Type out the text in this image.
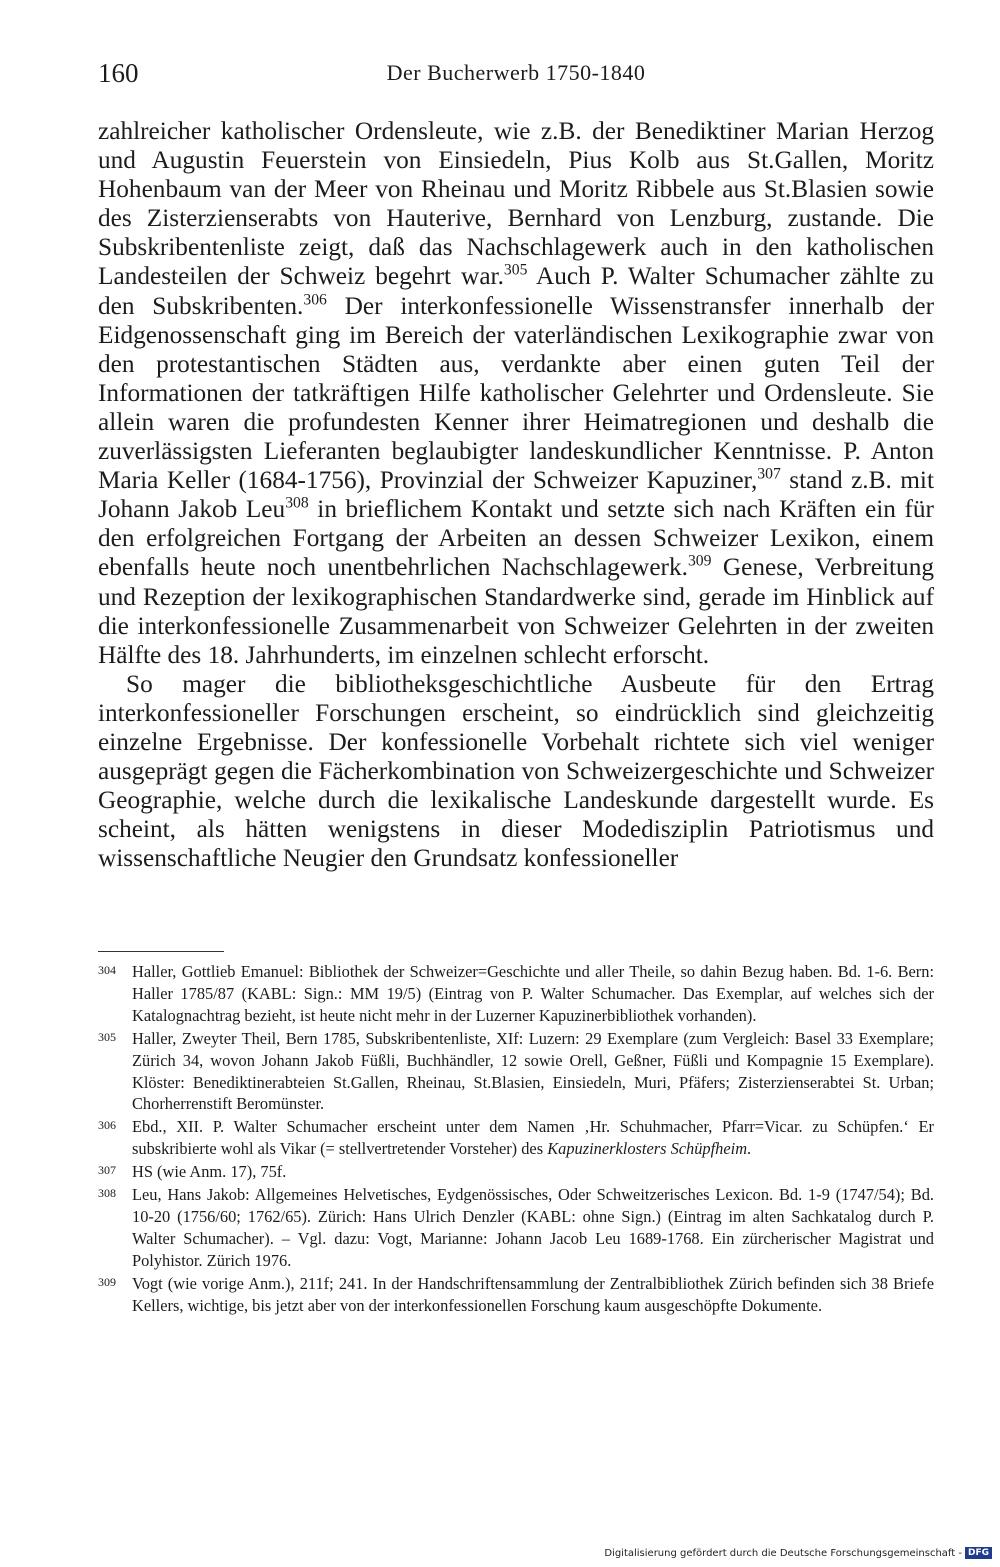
160	Der Bucherwerb 1750-1840

zahlreicher katholischer Ordensleute, wie z.B. der Benediktiner Marian Herzog und Augustin Feuerstein von Einsiedeln, Pius Kolb aus St.Gallen, Moritz Hohenbaum van der Meer von Rheinau und Moritz Ribbele aus St.Blasien sowie des Zisterzienserabts von Hauterive, Bernhard von Lenzburg, zustande. Die Subskribentenliste zeigt, daß das Nachschlagewerk auch in den katholischen Landesteilen der Schweiz begehrt war.$^{305}$ Auch P. Walter Schumacher zählte zu den Subskribenten.$^{306}$ Der interkonfessionelle Wissenstransfer innerhalb der Eidgenossenschaft ging im Bereich der vaterländischen Lexikographie zwar von den protestantischen Städten aus, verdankte aber einen guten Teil der Informationen der tatkräftigen Hilfe katholischer Gelehrter und Ordensleute. Sie allein waren die profundesten Kenner ihrer Heimatregionen und deshalb die zuverlässigsten Lieferanten beglaubigter landeskundlicher Kenntnisse. P. Anton Maria Keller (1684-1756), Provinzial der Schweizer Kapuziner,$^{307}$ stand z.B. mit Johann Jakob Leu$^{308}$ in brieflichem Kontakt und setzte sich nach Kräften ein für den erfolgreichen Fortgang der Arbeiten an dessen Schweizer Lexikon, einem ebenfalls heute noch unentbehrlichen Nachschlagewerk.$^{309}$ Genese, Verbreitung und Rezeption der lexikographischen Standardwerke sind, gerade im Hinblick auf die interkonfessionelle Zusammenarbeit von Schweizer Gelehrten in der zweiten Hälfte des 18. Jahrhunderts, im einzelnen schlecht erforscht.

So mager die bibliotheksgeschichtliche Ausbeute für den Ertrag interkonfessioneller Forschungen erscheint, so eindrücklich sind gleichzeitig einzelne Ergebnisse. Der konfessionelle Vorbehalt richtete sich viel weniger ausgeprägt gegen die Fächerkombination von Schweizergeschichte und Schweizer Geographie, welche durch die lexikalische Landeskunde dargestellt wurde. Es scheint, als hätten wenigstens in dieser Modedisziplin Patriotismus und wissenschaftliche Neugier den Grundsatz konfessioneller

304 Haller, Gottlieb Emanuel: Bibliothek der Schweizer=Geschichte und aller Theile, so dahin Bezug haben. Bd. 1-6. Bern: Haller 1785/87 (KABL: Sign.: MM 19/5) (Eintrag von P. Walter Schumacher. Das Exemplar, auf welches sich der Katalognachtrag bezieht, ist heute nicht mehr in der Luzerner Kapuzinerbibliothek vorhanden).
305 Haller, Zweyter Theil, Bern 1785, Subskribentenliste, XIf: Luzern: 29 Exemplare (zum Vergleich: Basel 33 Exemplare; Zürich 34, wovon Johann Jakob Füßli, Buchhändler, 12 sowie Orell, Geßner, Füßli und Kompagnie 15 Exemplare). Klöster: Benediktinerabteien St.Gallen, Rheinau, St.Blasien, Einsiedeln, Muri, Pfäfers; Zisterzienserabtei St. Urban; Chorherrenstift Beromünster.
306 Ebd., XII. P. Walter Schumacher erscheint unter dem Namen ‚Hr. Schuhmacher, Pfarr=Vicar. zu Schüpfen.‘ Er subskribierte wohl als Vikar (= stellvertretender Vorsteher) des Kapuzinerklosters Schüpfheim.
307 HS (wie Anm. 17), 75f.
308 Leu, Hans Jakob: Allgemeines Helvetisches, Eydgenössisches, Oder Schweitzerisches Lexicon. Bd. 1-9 (1747/54); Bd. 10-20 (1756/60; 1762/65). Zürich: Hans Ulrich Denzler (KABL: ohne Sign.) (Eintrag im alten Sachkatalog durch P. Walter Schumacher). – Vgl. dazu: Vogt, Marianne: Johann Jacob Leu 1689-1768. Ein zürcherischer Magistrat und Polyhistor. Zürich 1976.
309 Vogt (wie vorige Anm.), 211f; 241. In der Handschriftensammlung der Zentralbibliothek Zürich befinden sich 38 Briefe Kellers, wichtige, bis jetzt aber von der interkonfessionellen Forschung kaum ausgeschöpfte Dokumente.
Digitalisierung gefördert durch die Deutsche Forschungsgemeinschaft - DFG
